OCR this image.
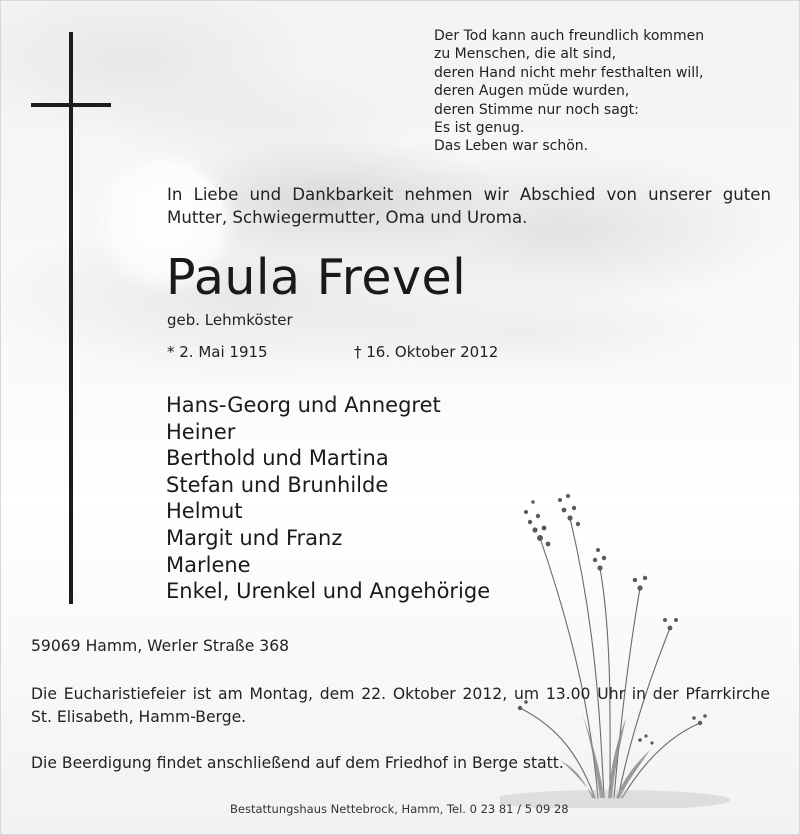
Der Tod kann auch freundlich kommen
zu Menschen, die alt sind,
deren Hand nicht mehr festhalten will,
deren Augen müde wurden,
deren Stimme nur noch sagt:
Es ist genug.
Das Leben war schön.

In Liebe und Dankbarkeit nehmen wir Abschied von unserer guten Mutter, Schwiegermutter, Oma und Uroma.

Paula Frevel
geb. Lehmköster
* 2. Mai 1915	† 16. Oktober 2012
Hans-Georg und Annegret
Heiner
Berthold und Martina
Stefan und Brunhilde
Helmut
Margit und Franz
Marlene
Enkel, Urenkel und Angehörige
59069 Hamm, Werler Straße 368

Die Eucharistiefeier ist am Montag, dem 22. Oktober 2012, um 13.00 Uhr in der Pfarrkirche St. Elisabeth, Hamm-Berge.

Die Beerdigung findet anschließend auf dem Friedhof in Berge statt.
Bestattungshaus Nettebrock, Hamm, Tel. 0 23 81 / 5 09 28
